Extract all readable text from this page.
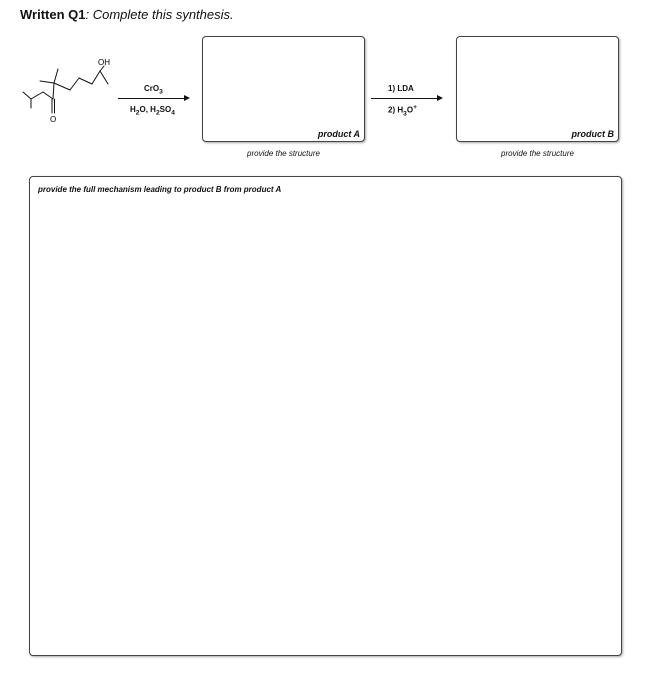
Written Q1: Complete this synthesis.
OH
O
CrO$_3$
$H_2O$, $H_2SO_4$
product A
provide the structure
1) LDA
2) $H_3O^+$
product B
provide the structure
provide the full mechanism leading to product B from product A
